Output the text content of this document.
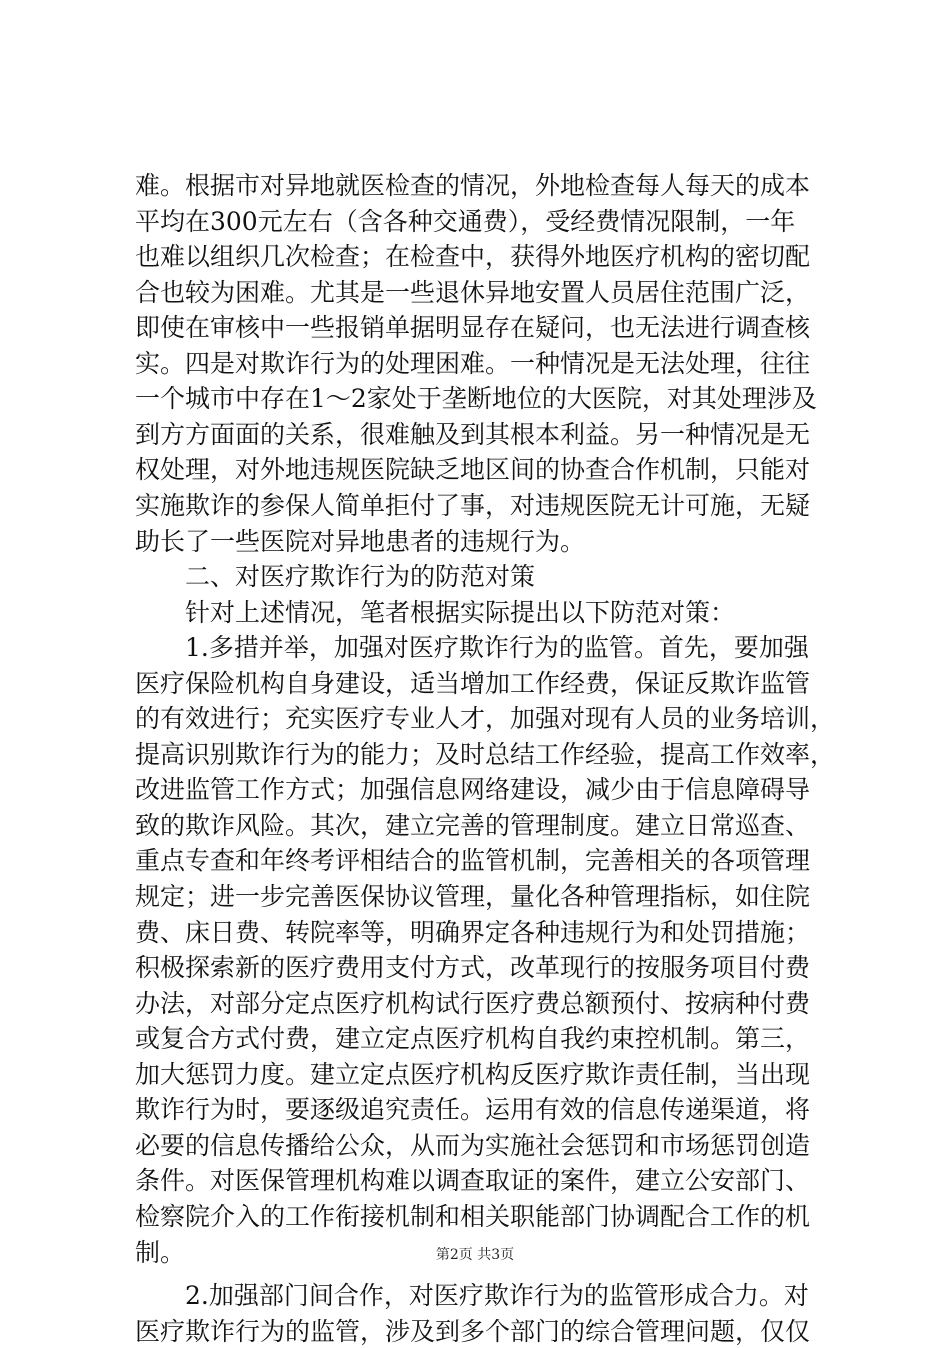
难。根据市对异地就医检查的情况，外地检查每人每天的成本
平均在300元左右（含各种交通费），受经费情况限制，一年
也难以组织几次检查；在检查中，获得外地医疗机构的密切配
合也较为困难。尤其是一些退休异地安置人员居住范围广泛，
即使在审核中一些报销单据明显存在疑问，也无法进行调查核
实。四是对欺诈行为的处理困难。一种情况是无法处理，往往
一个城市中存在1～2家处于垄断地位的大医院，对其处理涉及
到方方面面的关系，很难触及到其根本利益。另一种情况是无
权处理，对外地违规医院缺乏地区间的协查合作机制，只能对
实施欺诈的参保人简单拒付了事，对违规医院无计可施，无疑
助长了一些医院对异地患者的违规行为。
　　二、对医疗欺诈行为的防范对策
　　针对上述情况，笔者根据实际提出以下防范对策：
　　1.多措并举，加强对医疗欺诈行为的监管。首先，要加强
医疗保险机构自身建设，适当增加工作经费，保证反欺诈监管
的有效进行；充实医疗专业人才，加强对现有人员的业务培训，
提高识别欺诈行为的能力；及时总结工作经验，提高工作效率，
改进监管工作方式；加强信息网络建设，减少由于信息障碍导
致的欺诈风险。其次，建立完善的管理制度。建立日常巡查、
重点专查和年终考评相结合的监管机制，完善相关的各项管理
规定；进一步完善医保协议管理，量化各种管理指标，如住院
费、床日费、转院率等，明确界定各种违规行为和处罚措施；
积极探索新的医疗费用支付方式，改革现行的按服务项目付费
办法，对部分定点医疗机构试行医疗费总额预付、按病种付费
或复合方式付费，建立定点医疗机构自我约束控机制。第三，
加大惩罚力度。建立定点医疗机构反医疗欺诈责任制，当出现
欺诈行为时，要逐级追究责任。运用有效的信息传递渠道，将
必要的信息传播给公众，从而为实施社会惩罚和市场惩罚创造
条件。对医保管理机构难以调查取证的案件，建立公安部门、
检察院介入的工作衔接机制和相关职能部门协调配合工作的机
制。
　　2.加强部门间合作，对医疗欺诈行为的监管形成合力。对
医疗欺诈行为的监管，涉及到多个部门的综合管理问题，仅仅
第2页 共3页
